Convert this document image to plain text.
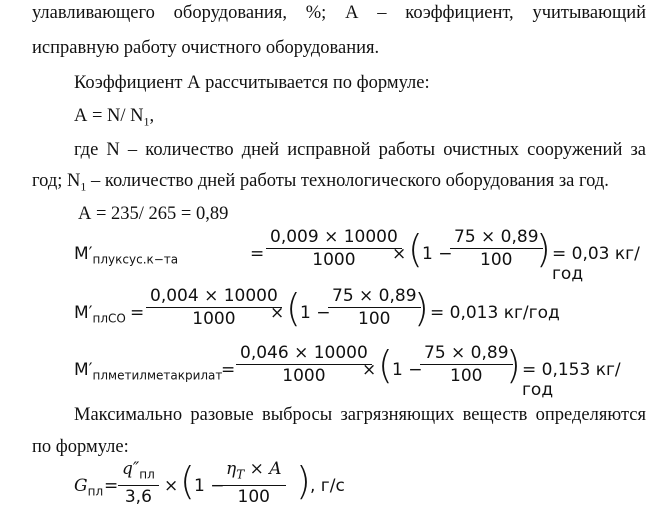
улавливающего оборудования, %; А – коэффициент, учитывающий
исправную работу очистного оборудования.
Коэффициент А рассчитывается по формуле:
А = N/ $N_1$,
где N – количество дней исправной работы очистных сооружений за
год; $N_1$ – количество дней работы технологического оборудования за год.
А = 235/ 265 = 0,89
$M'_{плуксус.к-та}$	= $\frac{0,009 \times 10000}{1000}$
× ( 1 −
$\frac{75 \times 0,89}{100}$
) = 0,03 кг/год
$M'_{плCO} = \frac{0,004 \times 10000}{1000}$
× ( 1 −
$\frac{75 \times 0,89}{100}$
) = 0,013 кг/год
$M'_{плметилметакрилат}$
= $\frac{0,046 \times 10000}{1000}$
× ( 1 −
$\frac{75 \times 0,89}{100}$
) = 0,153 кг/год
Максимально разовые выбросы загрязняющих веществ определяются
по формуле:
$G_{пл}$ =
$q''_{пл}$
3,6
× ( 1 −
$\frac{\eta_T \times A}{100}$ ) , г/с
